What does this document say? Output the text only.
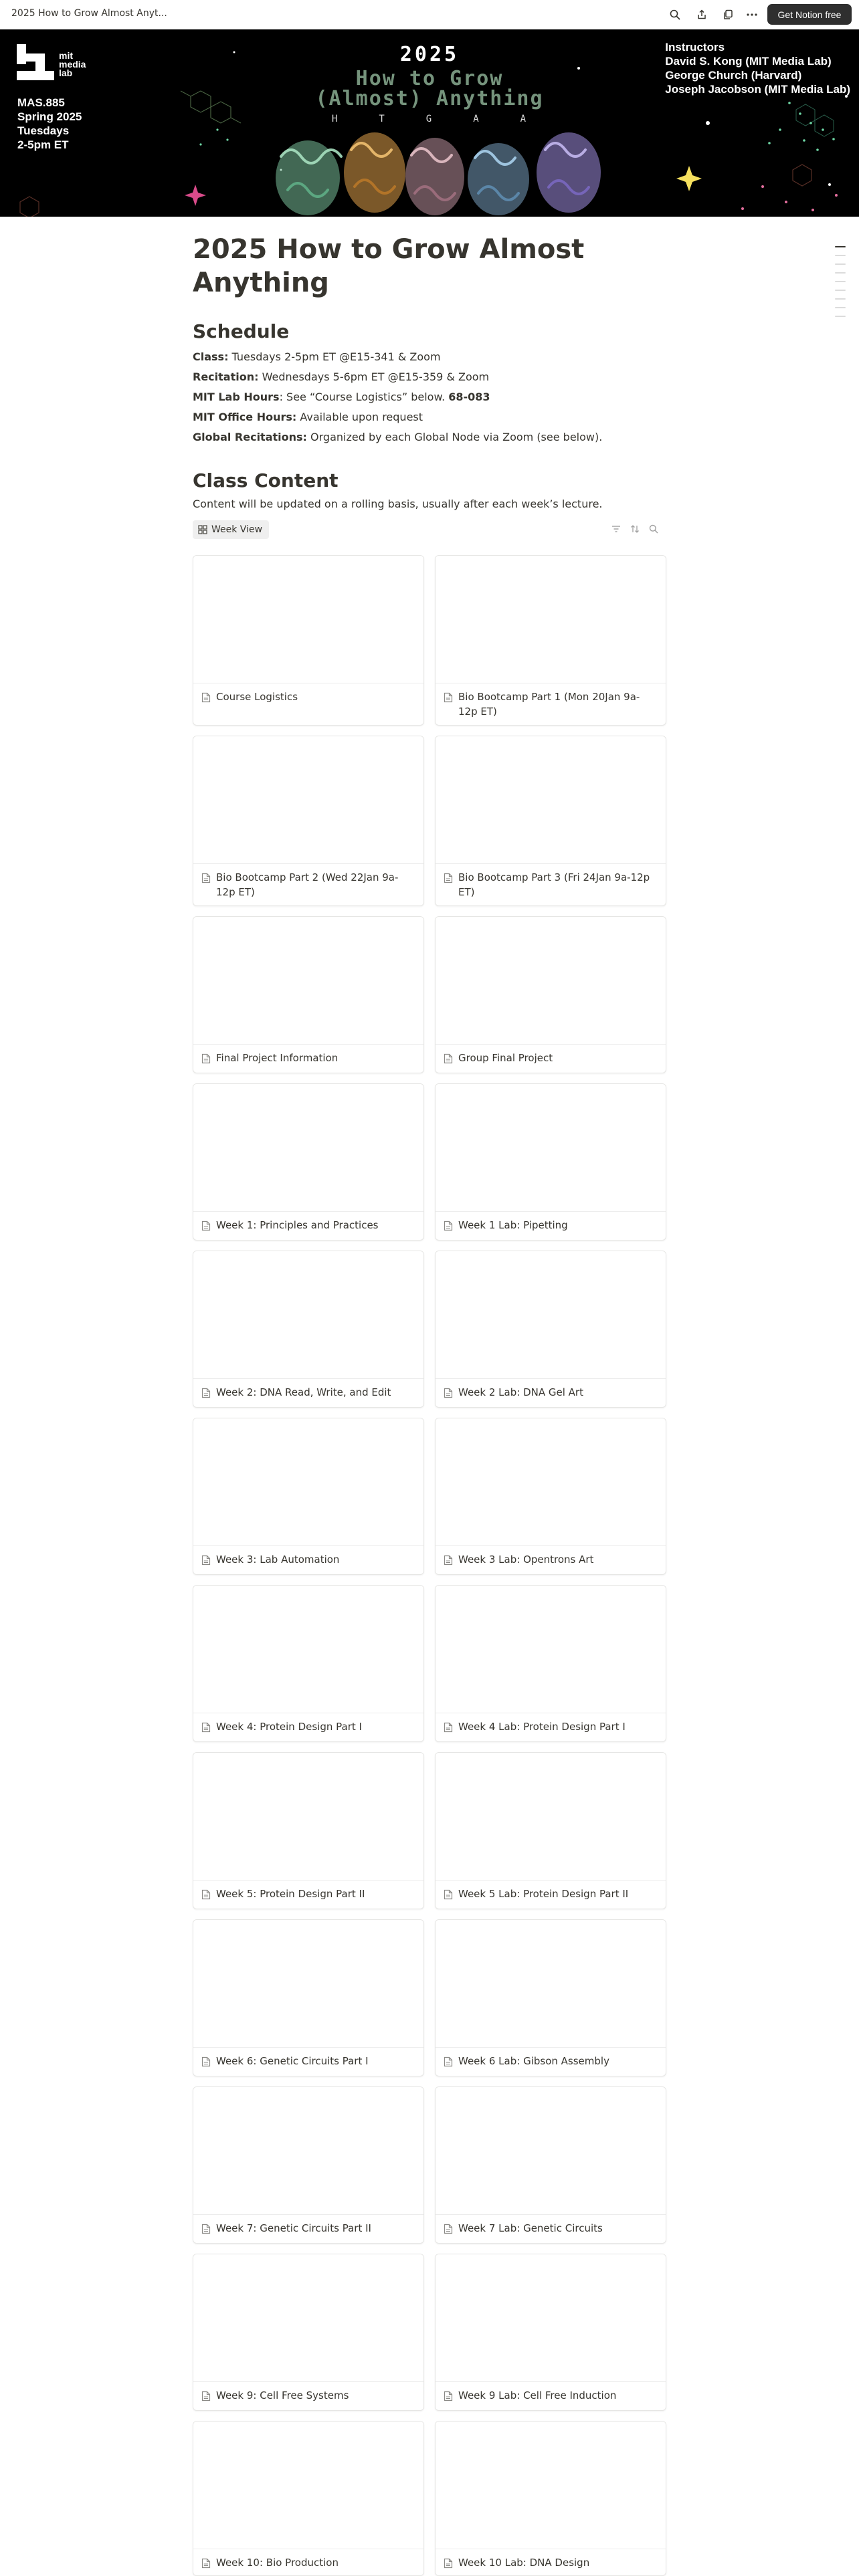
2025 How to Grow Almost Anyt...	Get Notion free
mit
media
lab
MAS.885
Spring 2025
Tuesdays
2-5pm ET
2025
How to Grow
(Almost) Anything
H	T	G	A	A
Instructors
David S. Kong (MIT Media Lab)
George Church (Harvard)
Joseph Jacobson (MIT Media Lab)
2025 How to Grow Almost Anything
Schedule
Class: Tuesdays 2-5pm ET @E15-341 & Zoom
Recitation: Wednesdays 5-6pm ET @E15-359 & Zoom
MIT Lab Hours: See “Course Logistics” below. 68-083
MIT Office Hours: Available upon request
Global Recitations: Organized by each Global Node via Zoom (see below).
Class Content
Content will be updated on a rolling basis, usually after each week’s lecture.
Week View
Course Logistics	Bio Bootcamp Part 1 (Mon 20Jan 9a-12p ET)
Bio Bootcamp Part 2 (Wed 22Jan 9a-12p ET)
Bio Bootcamp Part 3 (Fri 24Jan 9a-12p ET)
Final Project Information	Group Final Project
Week 1: Principles and Practices	Week 1 Lab: Pipetting
Week 2: DNA Read, Write, and Edit	Week 2 Lab: DNA Gel Art
Week 3: Lab Automation	Week 3 Lab: Opentrons Art
Week 4: Protein Design Part I	Week 4 Lab: Protein Design Part I
Week 5: Protein Design Part II	Week 5 Lab: Protein Design Part II
Week 6: Genetic Circuits Part I	Week 6 Lab: Gibson Assembly
Week 7: Genetic Circuits Part II	Week 7 Lab: Genetic Circuits
Week 9: Cell Free Systems	Week 9 Lab: Cell Free Induction
Week 10: Bio Production	Week 10 Lab: DNA Design
